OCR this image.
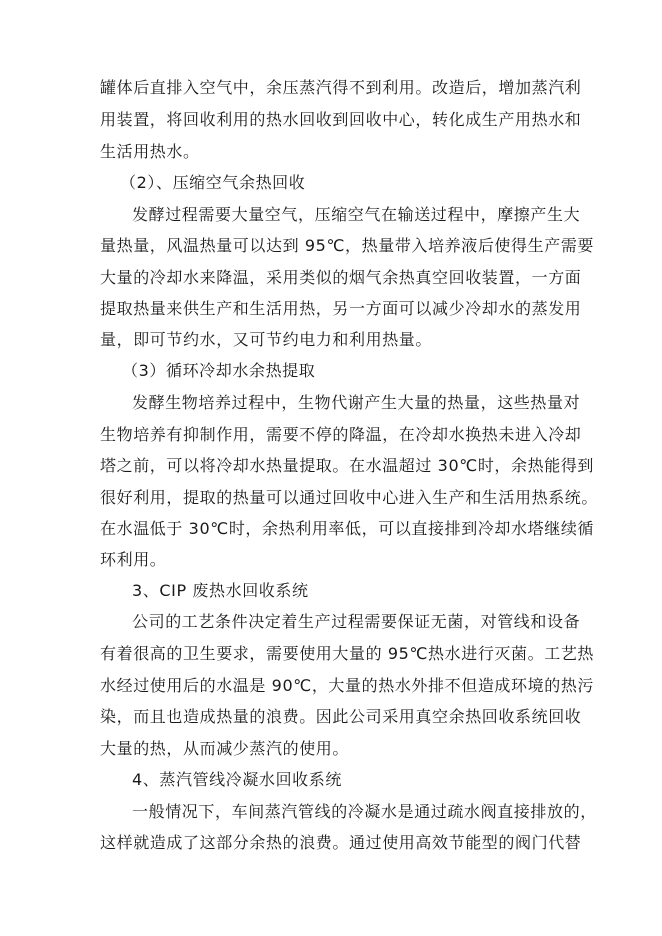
罐体后直排入空气中，余压蒸汽得不到利用。改造后，增加蒸汽利
用装置，将回收利用的热水回收到回收中心，转化成生产用热水和
生活用热水。
（2）、压缩空气余热回收
发酵过程需要大量空气，压缩空气在输送过程中，摩擦产生大
量热量，风温热量可以达到 95℃，热量带入培养液后使得生产需要
大量的冷却水来降温，采用类似的烟气余热真空回收装置，一方面
提取热量来供生产和生活用热，另一方面可以减少冷却水的蒸发用
量，即可节约水，又可节约电力和利用热量。
（3）循环冷却水余热提取
发酵生物培养过程中，生物代谢产生大量的热量，这些热量对
生物培养有抑制作用，需要不停的降温，在冷却水换热未进入冷却
塔之前，可以将冷却水热量提取。在水温超过 30℃时，余热能得到
很好利用，提取的热量可以通过回收中心进入生产和生活用热系统。
在水温低于 30℃时，余热利用率低，可以直接排到冷却水塔继续循
环利用。
3、CIP 废热水回收系统
公司的工艺条件决定着生产过程需要保证无菌，对管线和设备
有着很高的卫生要求，需要使用大量的 95℃热水进行灭菌。工艺热
水经过使用后的水温是 90℃，大量的热水外排不但造成环境的热污
染，而且也造成热量的浪费。因此公司采用真空余热回收系统回收
大量的热，从而减少蒸汽的使用。
4、蒸汽管线冷凝水回收系统
一般情况下，车间蒸汽管线的冷凝水是通过疏水阀直接排放的，
这样就造成了这部分余热的浪费。通过使用高效节能型的阀门代替
